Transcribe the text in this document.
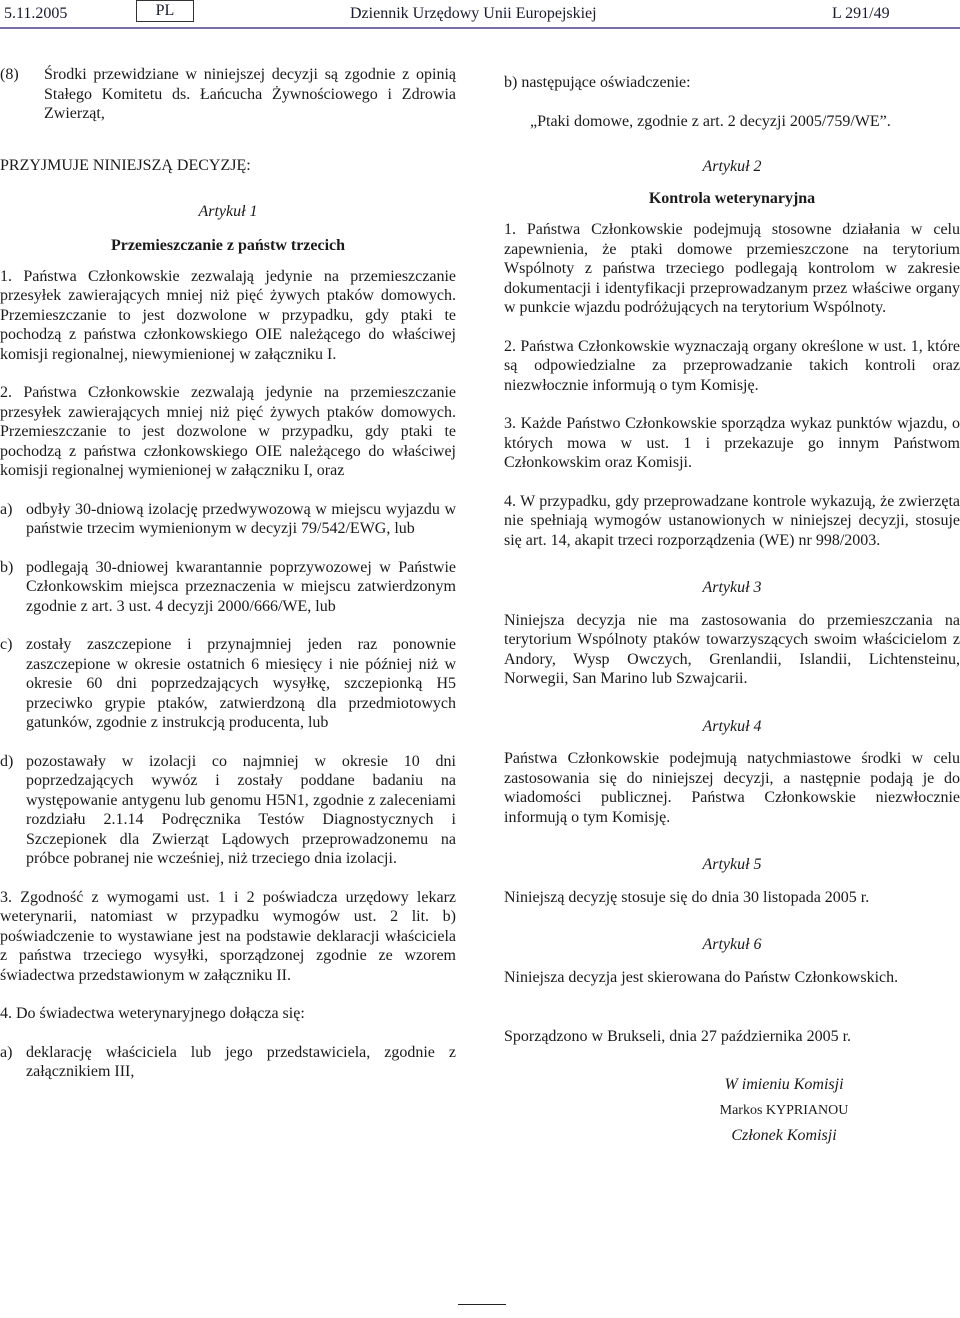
5.11.2005	PL	Dziennik Urzędowy Unii Europejskiej	L 291/49
(8)	Środki przewidziane w niniejszej decyzji są zgodnie z opinią Stałego Komitetu ds. Łańcucha Żywnościowego i Zdrowia Zwierząt,

PRZYJMUJE NINIEJSZĄ DECYZJĘ:

Artykuł 1

Przemieszczanie z państw trzecich

1. Państwa Członkowskie zezwalają jedynie na przemieszczanie przesyłek zawierających mniej niż pięć żywych ptaków domowych. Przemieszczanie to jest dozwolone w przypadku, gdy ptaki te pochodzą z państwa członkowskiego OIE należącego do właściwej komisji regionalnej, niewymienionej w załączniku I.

2. Państwa Członkowskie zezwalają jedynie na przemieszczanie przesyłek zawierających mniej niż pięć żywych ptaków domowych. Przemieszczanie to jest dozwolone w przypadku, gdy ptaki te pochodzą z państwa członkowskiego OIE należącego do właściwej komisji regionalnej wymienionej w załączniku I, oraz

a) odbyły 30-dniową izolację przedwywozową w miejscu wyjazdu w państwie trzecim wymienionym w decyzji 79/542/EWG, lub
b) podlegają 30-dniowej kwarantannie poprzywozowej w Państwie Członkowskim miejsca przeznaczenia w miejscu zatwierdzonym zgodnie z art. 3 ust. 4 decyzji 2000/666/WE, lub
c) zostały zaszczepione i przynajmniej jeden raz ponownie zaszczepione w okresie ostatnich 6 miesięcy i nie później niż w okresie 60 dni poprzedzających wysyłkę, szczepionką H5 przeciwko grypie ptaków, zatwierdzoną dla przedmiotowych gatunków, zgodnie z instrukcją producenta, lub
d) pozostawały w izolacji co najmniej w okresie 10 dni poprzedzających wywóz i zostały poddane badaniu na występowanie antygenu lub genomu H5N1, zgodnie z zaleceniami rozdziału 2.1.14 Podręcznika Testów Diagnostycznych i Szczepionek dla Zwierząt Lądowych przeprowadzonemu na próbce pobranej nie wcześniej, niż trzeciego dnia izolacji.

3. Zgodność z wymogami ust. 1 i 2 poświadcza urzędowy lekarz weterynarii, natomiast w przypadku wymogów ust. 2 lit. b) poświadczenie to wystawiane jest na podstawie deklaracji właściciela z państwa trzeciego wysyłki, sporządzonej zgodnie ze wzorem świadectwa przedstawionym w załączniku II.

4. Do świadectwa weterynaryjnego dołącza się:

a) deklarację właściciela lub jego przedstawiciela, zgodnie z załącznikiem III,

b) następujące oświadczenie:

„Ptaki domowe, zgodnie z art. 2 decyzji 2005/759/WE”.

Artykuł 2

Kontrola weterynaryjna

1. Państwa Członkowskie podejmują stosowne działania w celu zapewnienia, że ptaki domowe przemieszczone na terytorium Wspólnoty z państwa trzeciego podlegają kontrolom w zakresie dokumentacji i identyfikacji przeprowadzanym przez właściwe organy w punkcie wjazdu podróżujących na terytorium Wspólnoty.

2. Państwa Członkowskie wyznaczają organy określone w ust. 1, które są odpowiedzialne za przeprowadzanie takich kontroli oraz niezwłocznie informują o tym Komisję.

3. Każde Państwo Członkowskie sporządza wykaz punktów wjazdu, o których mowa w ust. 1 i przekazuje go innym Państwom Członkowskim oraz Komisji.

4. W przypadku, gdy przeprowadzane kontrole wykazują, że zwierzęta nie spełniają wymogów ustanowionych w niniejszej decyzji, stosuje się art. 14, akapit trzeci rozporządzenia (WE) nr 998/2003.

Artykuł 3

Niniejsza decyzja nie ma zastosowania do przemieszczania na terytorium Wspólnoty ptaków towarzyszących swoim właścicielom z Andory, Wysp Owczych, Grenlandii, Islandii, Lichtensteinu, Norwegii, San Marino lub Szwajcarii.

Artykuł 4

Państwa Członkowskie podejmują natychmiastowe środki w celu zastosowania się do niniejszej decyzji, a następnie podają je do wiadomości publicznej. Państwa Członkowskie niezwłocznie informują o tym Komisję.

Artykuł 5

Niniejszą decyzję stosuje się do dnia 30 listopada 2005 r.

Artykuł 6

Niniejsza decyzja jest skierowana do Państw Członkowskich.

Sporządzono w Brukseli, dnia 27 października 2005 r.

W imieniu Komisji

Markos KYPRIANOU

Członek Komisji
